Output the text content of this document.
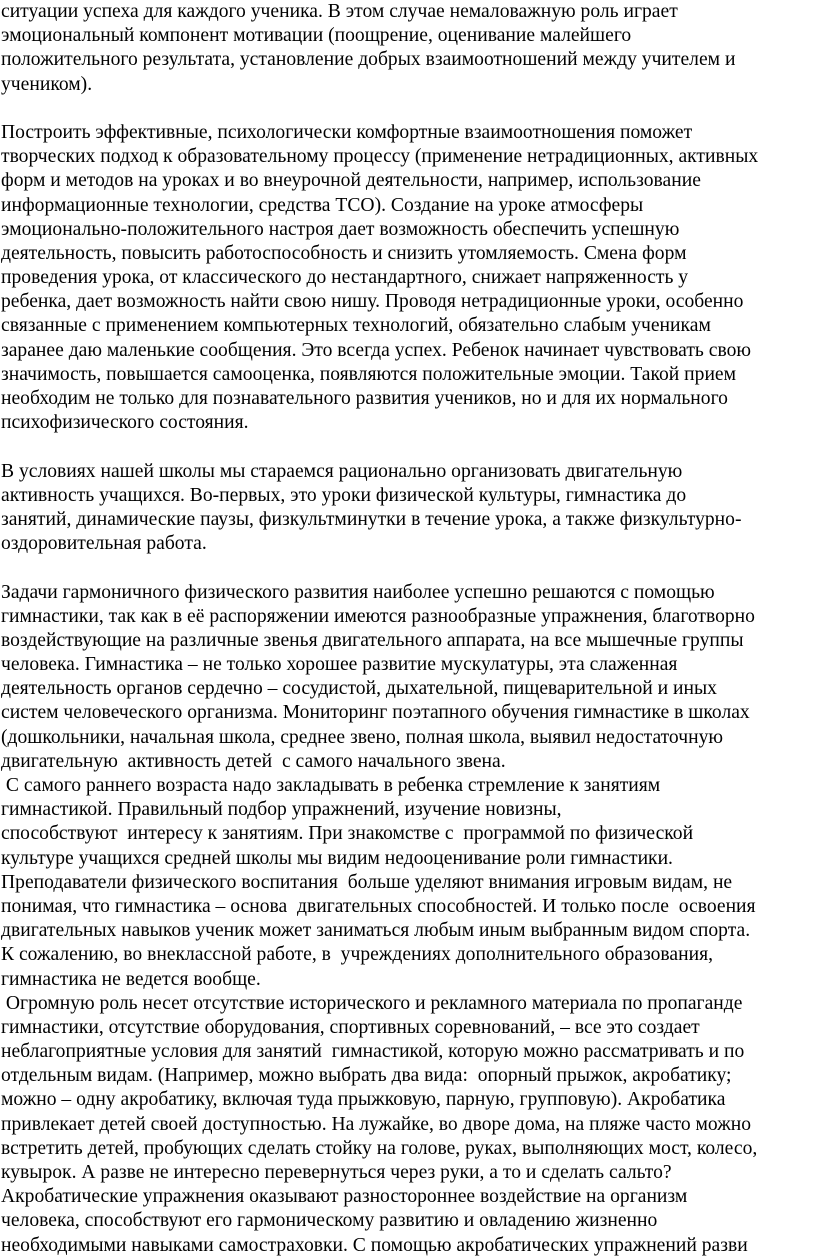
ситуации успеха для каждого ученика. В этом случае немаловажную роль играет
эмоциональный компонент мотивации (поощрение, оценивание малейшего
положительного результата, установление добрых взаимоотношений между учителем и
учеником).
Построить эффективные, психологически комфортные взаимоотношения поможет
творческих подход к образовательному процессу (применение нетрадиционных, активных
форм и методов на уроках и во внеурочной деятельности, например, использование
информационные технологии, средства ТСО). Создание на уроке атмосферы
эмоционально-положительного настроя дает возможность обеспечить успешную
деятельность, повысить работоспособность и снизить утомляемость. Смена форм
проведения урока, от классического до нестандартного, снижает напряженность у
ребенка, дает возможность найти свою нишу. Проводя нетрадиционные уроки, особенно
связанные с применением компьютерных технологий, обязательно слабым ученикам
заранее даю маленькие сообщения. Это всегда успех. Ребенок начинает чувствовать свою
значимость, повышается самооценка, появляются положительные эмоции. Такой прием
необходим не только для познавательного развития учеников, но и для их нормального
психофизического состояния.
В условиях нашей школы мы стараемся рационально организовать двигательную
активность учащихся. Во-первых, это уроки физической культуры, гимнастика до
занятий, динамические паузы, физкультминутки в течение урока, а также физкультурно-
оздоровительная работа.
Задачи гармоничного физического развития наиболее успешно решаются с помощью
гимнастики, так как в её распоряжении имеются разнообразные упражнения, благотворно
воздействующие на различные звенья двигательного аппарата, на все мышечные группы
человека. Гимнастика – не только хорошее развитие мускулатуры, эта слаженная
деятельность органов сердечно – сосудистой, дыхательной, пищеварительной и иных
систем человеческого организма. Мониторинг поэтапного обучения гимнастике в школах
(дошкольники, начальная школа, среднее звено, полная школа, выявил недостаточную
двигательную  активность детей  с самого начального звена.
С самого раннего возраста надо закладывать в ребенка стремление к занятиям
гимнастикой. Правильный подбор упражнений, изучение новизны,
способствуют  интересу к занятиям. При знакомстве с  программой по физической
культуре учащихся средней школы мы видим недооценивание роли гимнастики.
Преподаватели физического воспитания  больше уделяют внимания игровым видам, не
понимая, что гимнастика – основа  двигательных способностей. И только после  освоения
двигательных навыков ученик может заниматься любым иным выбранным видом спорта.
К сожалению, во внеклассной работе, в  учреждениях дополнительного образования,
гимнастика не ведется вообще.
Огромную роль несет отсутствие исторического и рекламного материала по пропаганде
гимнастики, отсутствие оборудования, спортивных соревнований, – все это создает
неблагоприятные условия для занятий  гимнастикой, которую можно рассматривать и по
отдельным видам. (Например, можно выбрать два вида:  опорный прыжок, акробатику;
можно – одну акробатику, включая туда прыжковую, парную, групповую). Акробатика
привлекает детей своей доступностью. На лужайке, во дворе дома, на пляже часто можно
встретить детей, пробующих сделать стойку на голове, руках, выполняющих мост, колесо,
кувырок. А разве не интересно перевернуться через руки, а то и сделать сальто?
Акробатические упражнения оказывают разностороннее воздействие на организм
человека, способствуют его гармоническому развитию и овладению жизненно
необходимыми навыками самостраховки. С помощью акробатических упражнений разви
